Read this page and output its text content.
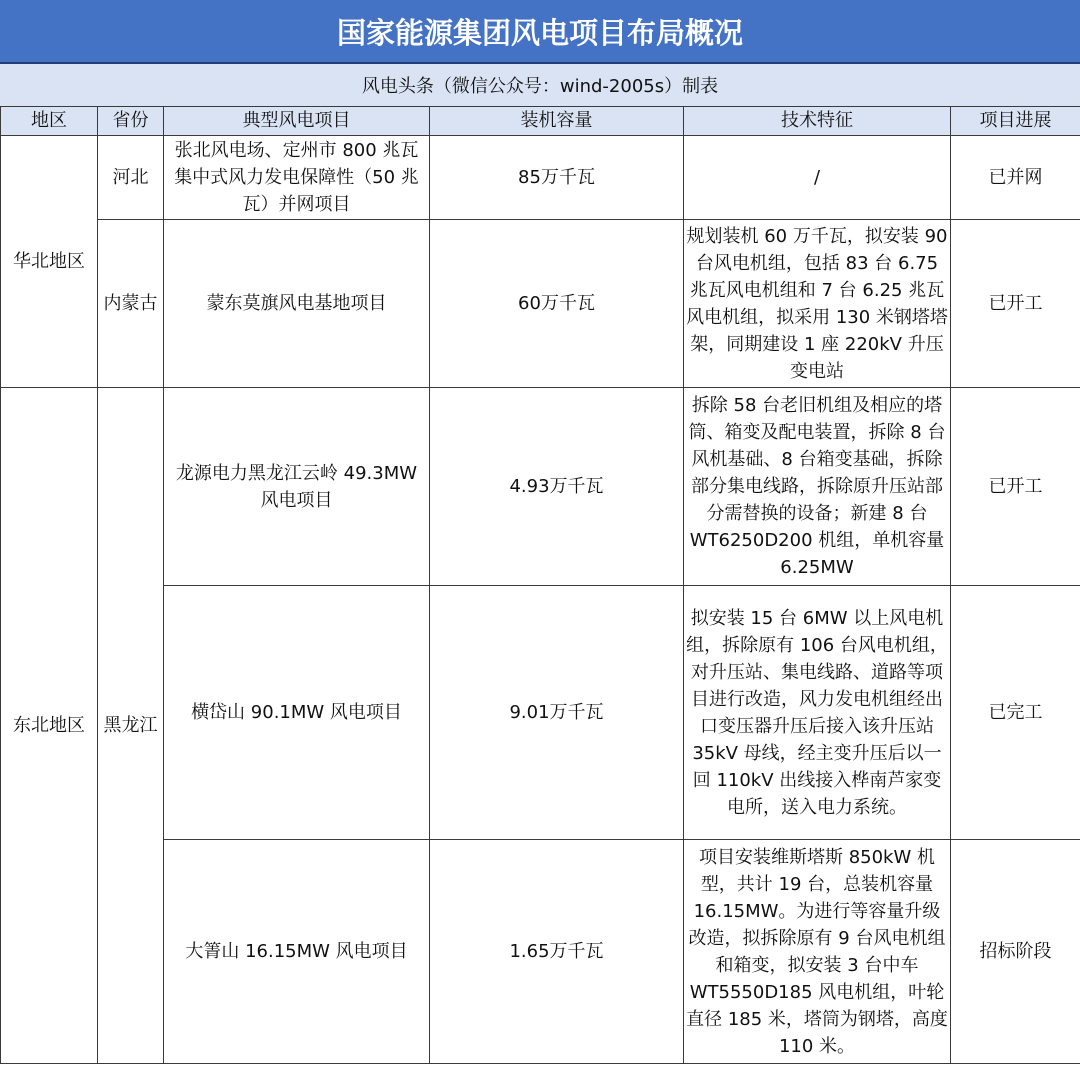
国家能源集团风电项目布局概况
风电头条（微信公众号：wind-2005s）制表
地区	省份	典型风电项目	装机容量	技术特征	项目进展
华北地区	河北	张北风电场、定州市 800 兆瓦集中式风力发电保障性（50 兆瓦）并网项目	85万千瓦	/	已并网
	内蒙古	蒙东莫旗风电基地项目	60万千瓦	规划装机 60 万千瓦，拟安装 90 台风电机组，包括 83 台 6.75 兆瓦风电机组和 7 台 6.25 兆瓦风电机组，拟采用 130 米钢塔塔架，同期建设 1 座 220kV 升压变电站	已开工
东北地区	黑龙江	龙源电力黑龙江云岭 49.3MW 风电项目	4.93万千瓦	拆除 58 台老旧机组及相应的塔筒、箱变及配电装置，拆除 8 台风机基础、8 台箱变基础，拆除部分集电线路，拆除原升压站部分需替换的设备；新建 8 台 WT6250D200 机组，单机容量 6.25MW	已开工
		横岱山 90.1MW 风电项目	9.01万千瓦	拟安装 15 台 6MW 以上风电机组，拆除原有 106 台风电机组，对升压站、集电线路、道路等项目进行改造，风力发电机组经出口变压器升压后接入该升压站 35kV 母线，经主变升压后以一回 110kV 出线接入桦南芦家变电所，送入电力系统。	已完工
		大箐山 16.15MW 风电项目	1.65万千瓦	项目安装维斯塔斯 850kW 机型，共计 19 台，总装机容量 16.15MW。为进行等容量升级改造，拟拆除原有 9 台风电机组和箱变，拟安装 3 台中车 WT5550D185 风电机组，叶轮直径 185 米，塔筒为钢塔，高度 110 米。	招标阶段
